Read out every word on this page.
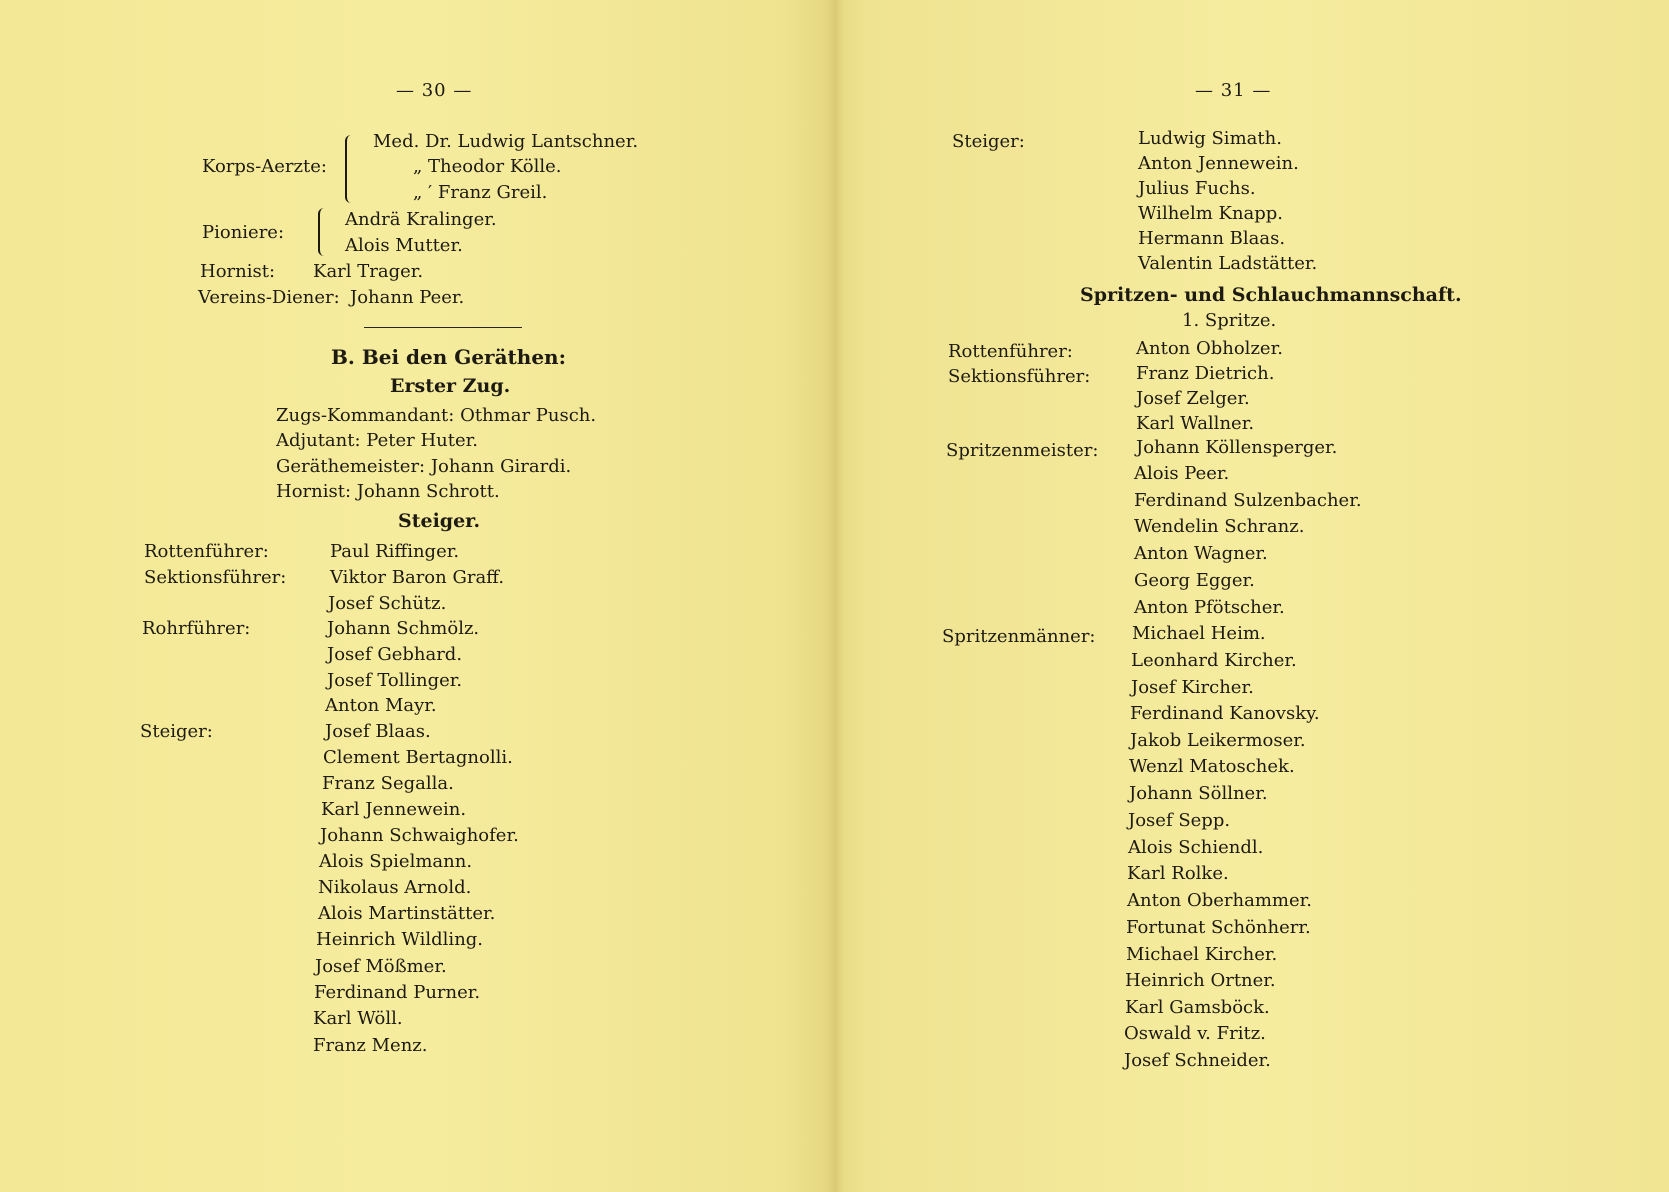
— 30 —
Korps-Aerzte:
Med. Dr. Ludwig Lantschner.
„ Theodor Kölle.
„ ′ Franz Greil.
Pioniere:
Andrä Kralinger.
Alois Mutter.
Hornist: Karl Trager.
Vereins-Diener: Johann Peer.
B. Bei den Geräthen:
Erster Zug.
Zugs-Kommandant: Othmar Pusch.
Adjutant: Peter Huter.
Geräthemeister: Johann Girardi.
Hornist: Johann Schrott.
Steiger.
Rottenführer:	Paul Riffinger.
Sektionsführer: Viktor Baron Graff.
Josef Schütz.
Rohrführer:	Johann Schmölz.
Josef Gebhard.
Josef Tollinger.
Anton Mayr.
Steiger:	Josef Blaas.
Clement Bertagnolli.
Franz Segalla.
Karl Jennewein.
Johann Schwaighofer.
Alois Spielmann.
Nikolaus Arnold.
Alois Martinstätter.
Heinrich Wildling.
Josef Mößmer.
Ferdinand Purner.
Karl Wöll.
Franz Menz.
— 31 —
Steiger:	Ludwig Simath.
Anton Jennewein.
Julius Fuchs.
Wilhelm Knapp.
Hermann Blaas.
Valentin Ladstätter.
Spritzen- und Schlauchmannschaft.
1. Spritze.
Rottenführer:	Anton Obholzer.
Sektionsführer:	Franz Dietrich.
Josef Zelger.
Karl Wallner.
Spritzenmeister: Johann Köllensperger.
Alois Peer.
Ferdinand Sulzenbacher.
Wendelin Schranz.
Anton Wagner.
Georg Egger.
Anton Pfötscher.
Spritzenmänner: Michael Heim.
Leonhard Kircher.
Josef Kircher.
Ferdinand Kanovsky.
Jakob Leikermoser.
Wenzl Matoschek.
Johann Söllner.
Josef Sepp.
Alois Schiendl.
Karl Rolke.
Anton Oberhammer.
Fortunat Schönherr.
Michael Kircher.
Heinrich Ortner.
Karl Gamsböck.
Oswald v. Fritz.
Josef Schneider.
